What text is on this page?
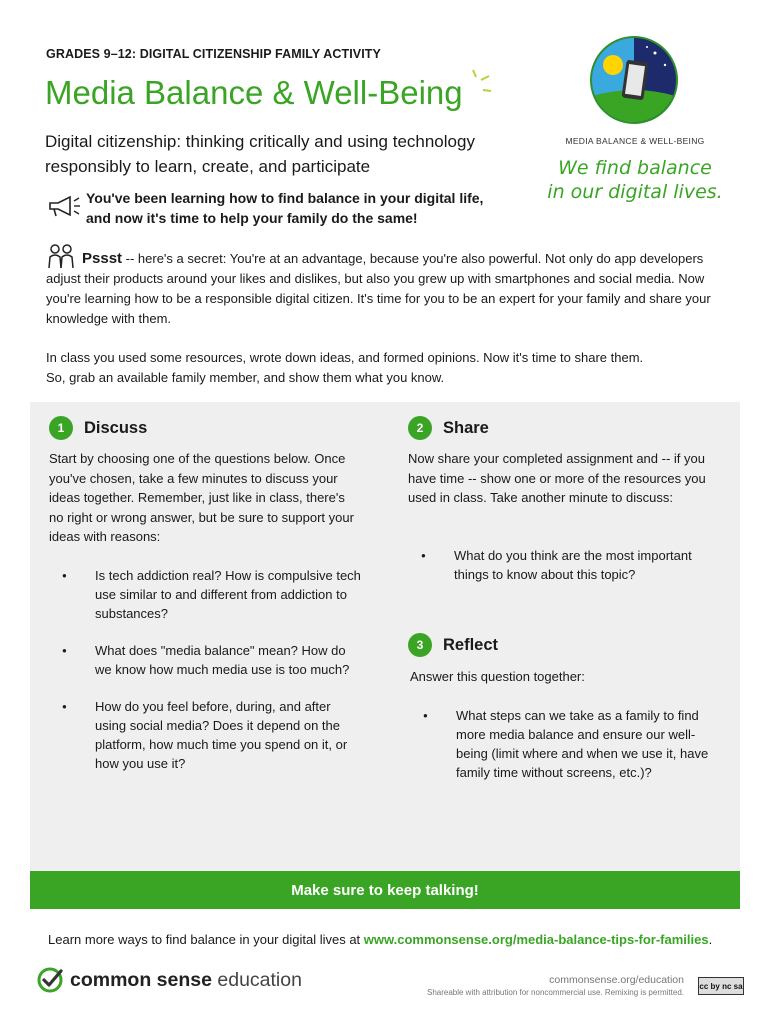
GRADES 9–12: DIGITAL CITIZENSHIP FAMILY ACTIVITY
Media Balance & Well-Being
Digital citizenship: thinking critically and using technology responsibly to learn, create, and participate
MEDIA BALANCE & WELL-BEING
We find balance
in our digital lives.
You've been learning how to find balance in your digital life, and now it's time to help your family do the same!
Pssst -- here's a secret: You're at an advantage, because you're also powerful. Not only do app developers adjust their products around your likes and dislikes, but also you grew up with smartphones and social media. Now you're learning how to be a responsible digital citizen. It's time for you to be an expert for your family and share your knowledge with them.
In class you used some resources, wrote down ideas, and formed opinions. Now it's time to share them.
So, grab an available family member, and show them what you know.
1	Discuss
Start by choosing one of the questions below. Once you've chosen, take a few minutes to discuss your ideas together. Remember, just like in class, there's no right or wrong answer, but be sure to support your ideas with reasons:
● Is tech addiction real? How is compulsive tech use similar to and different from addiction to substances?
● What does "media balance" mean? How do we know how much media use is too much?
● How do you feel before, during, and after using social media? Does it depend on the platform, how much time you spend on it, or how you use it?
2	Share
Now share your completed assignment and -- if you have time -- show one or more of the resources you used in class. Take another minute to discuss:
● What do you think are the most important things to know about this topic?
3	Reflect
Answer this question together:
● What steps can we take as a family to find more media balance and ensure our well-being (limit where and when we use it, have family time without screens, etc.)?
Make sure to keep talking!
Learn more ways to find balance in your digital lives at www.commonsense.org/media-balance-tips-for-families.
common sense education	commonsense.org/education
Shareable with attribution for noncommercial use. Remixing is permitted.
cc by nc sa
